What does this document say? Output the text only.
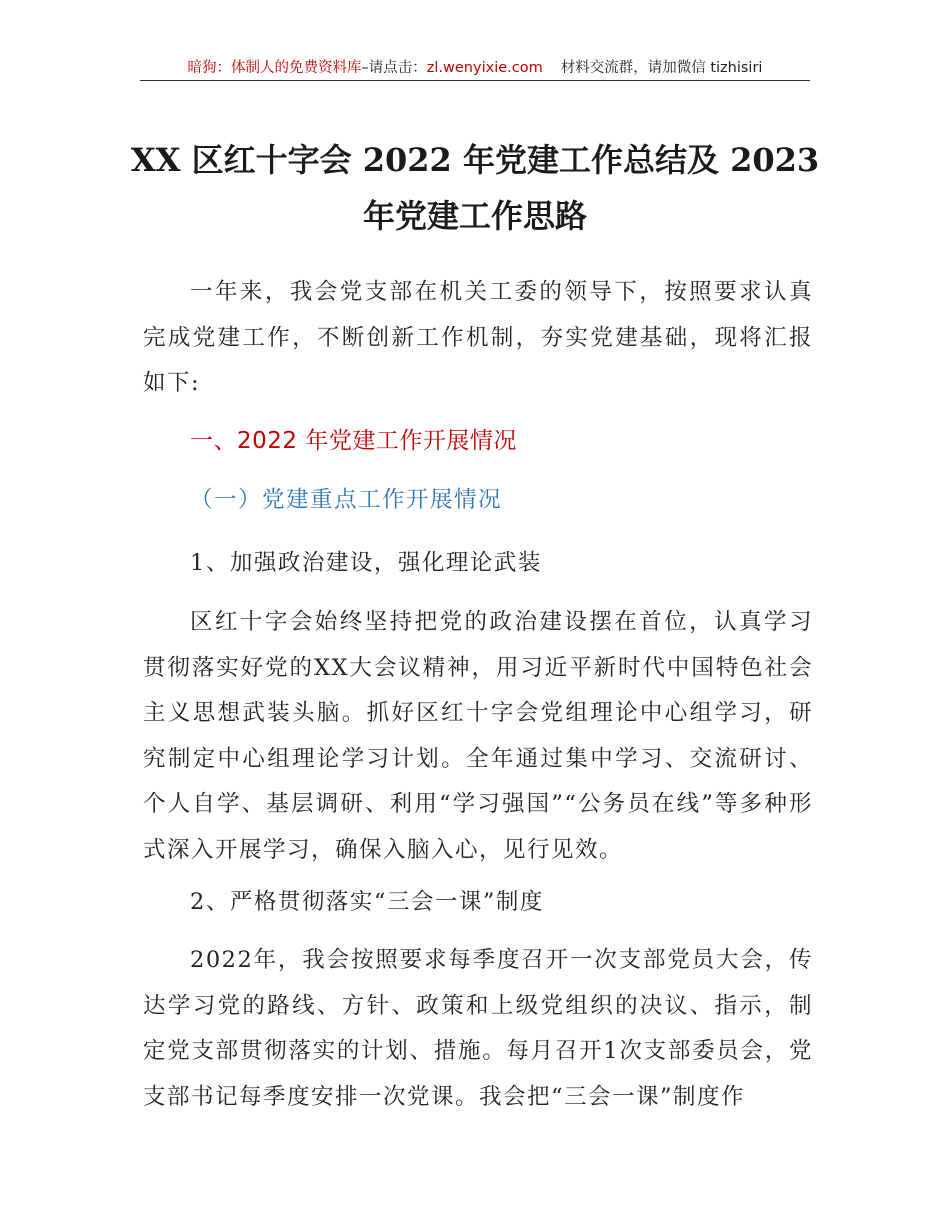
暗狗：体制人的免费资料库–请点击：zl.wenyixie.com 材料交流群，请加微信 tizhisiri
XX 区红十字会 2022 年党建工作总结及 2023
年党建工作思路
一年来，我会党支部在机关工委的领导下，按照要求认真完成党建工作，不断创新工作机制，夯实党建基础，现将汇报如下:
一、2022 年党建工作开展情况
（一）党建重点工作开展情况
1、加强政治建设，强化理论武装
区红十字会始终坚持把党的政治建设摆在首位，认真学习贯彻落实好党的XX大会议精神，用习近平新时代中国特色社会主义思想武装头脑。抓好区红十字会党组理论中心组学习，研究制定中心组理论学习计划。全年通过集中学习、交流研讨、个人自学、基层调研、利用“学习强国”“公务员在线”等多种形式深入开展学习，确保入脑入心，见行见效。
2、严格贯彻落实“三会一课”制度
2022年，我会按照要求每季度召开一次支部党员大会，传达学习党的路线、方针、政策和上级党组织的决议、指示，制定党支部贯彻落实的计划、措施。每月召开1次支部委员会，党支部书记每季度安排一次党课。我会把“三会一课”制度作
